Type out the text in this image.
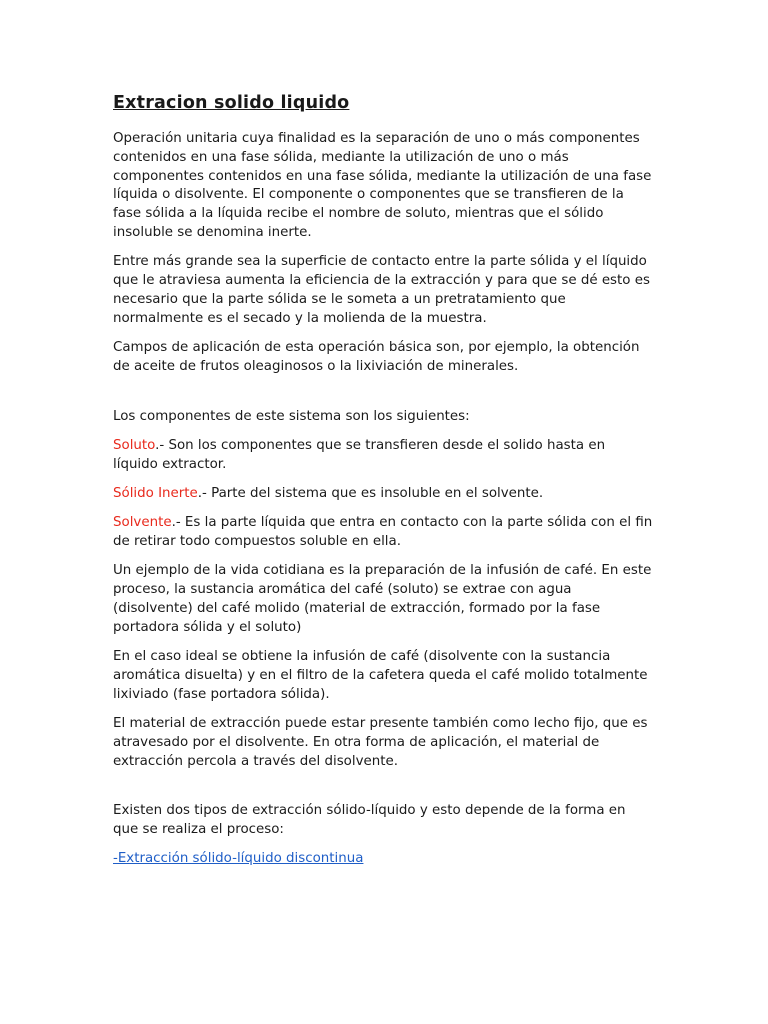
Extracion solido liquido

Operación unitaria cuya finalidad es la separación de uno o más componentes contenidos en una fase sólida, mediante la utilización de uno o más componentes contenidos en una fase sólida, mediante la utilización de una fase líquida o disolvente. El componente o componentes que se transfieren de la fase sólida a la líquida recibe el nombre de soluto, mientras que el sólido insoluble se denomina inerte.

Entre más grande sea la superficie de contacto entre la parte sólida y el líquido que le atraviesa aumenta la eficiencia de la extracción y para que se dé esto es necesario que la parte sólida se le someta a un pretratamiento que normalmente es el secado y la molienda de la muestra.

Campos de aplicación de esta operación básica son, por ejemplo, la obtención de aceite de frutos oleaginosos o la lixiviación de minerales.

Los componentes de este sistema son los siguientes:

Soluto.- Son los componentes que se transfieren desde el solido hasta en líquido extractor.

Sólido Inerte.- Parte del sistema que es insoluble en el solvente.

Solvente.- Es la parte líquida que entra en contacto con la parte sólida con el fin de retirar todo compuestos soluble en ella.

Un ejemplo de la vida cotidiana es la preparación de la infusión de café. En este proceso, la sustancia aromática del café (soluto) se extrae con agua (disolvente) del café molido (material de extracción, formado por la fase portadora sólida y el soluto)

En el caso ideal se obtiene la infusión de café (disolvente con la sustancia aromática disuelta) y en el filtro de la cafetera queda el café molido totalmente lixiviado (fase portadora sólida).

El material de extracción puede estar presente también como lecho fijo, que es atravesado por el disolvente. En otra forma de aplicación, el material de extracción percola a través del disolvente.

Existen dos tipos de extracción sólido-líquido y esto depende de la forma en que se realiza el proceso:

-Extracción sólido-líquido discontinua
